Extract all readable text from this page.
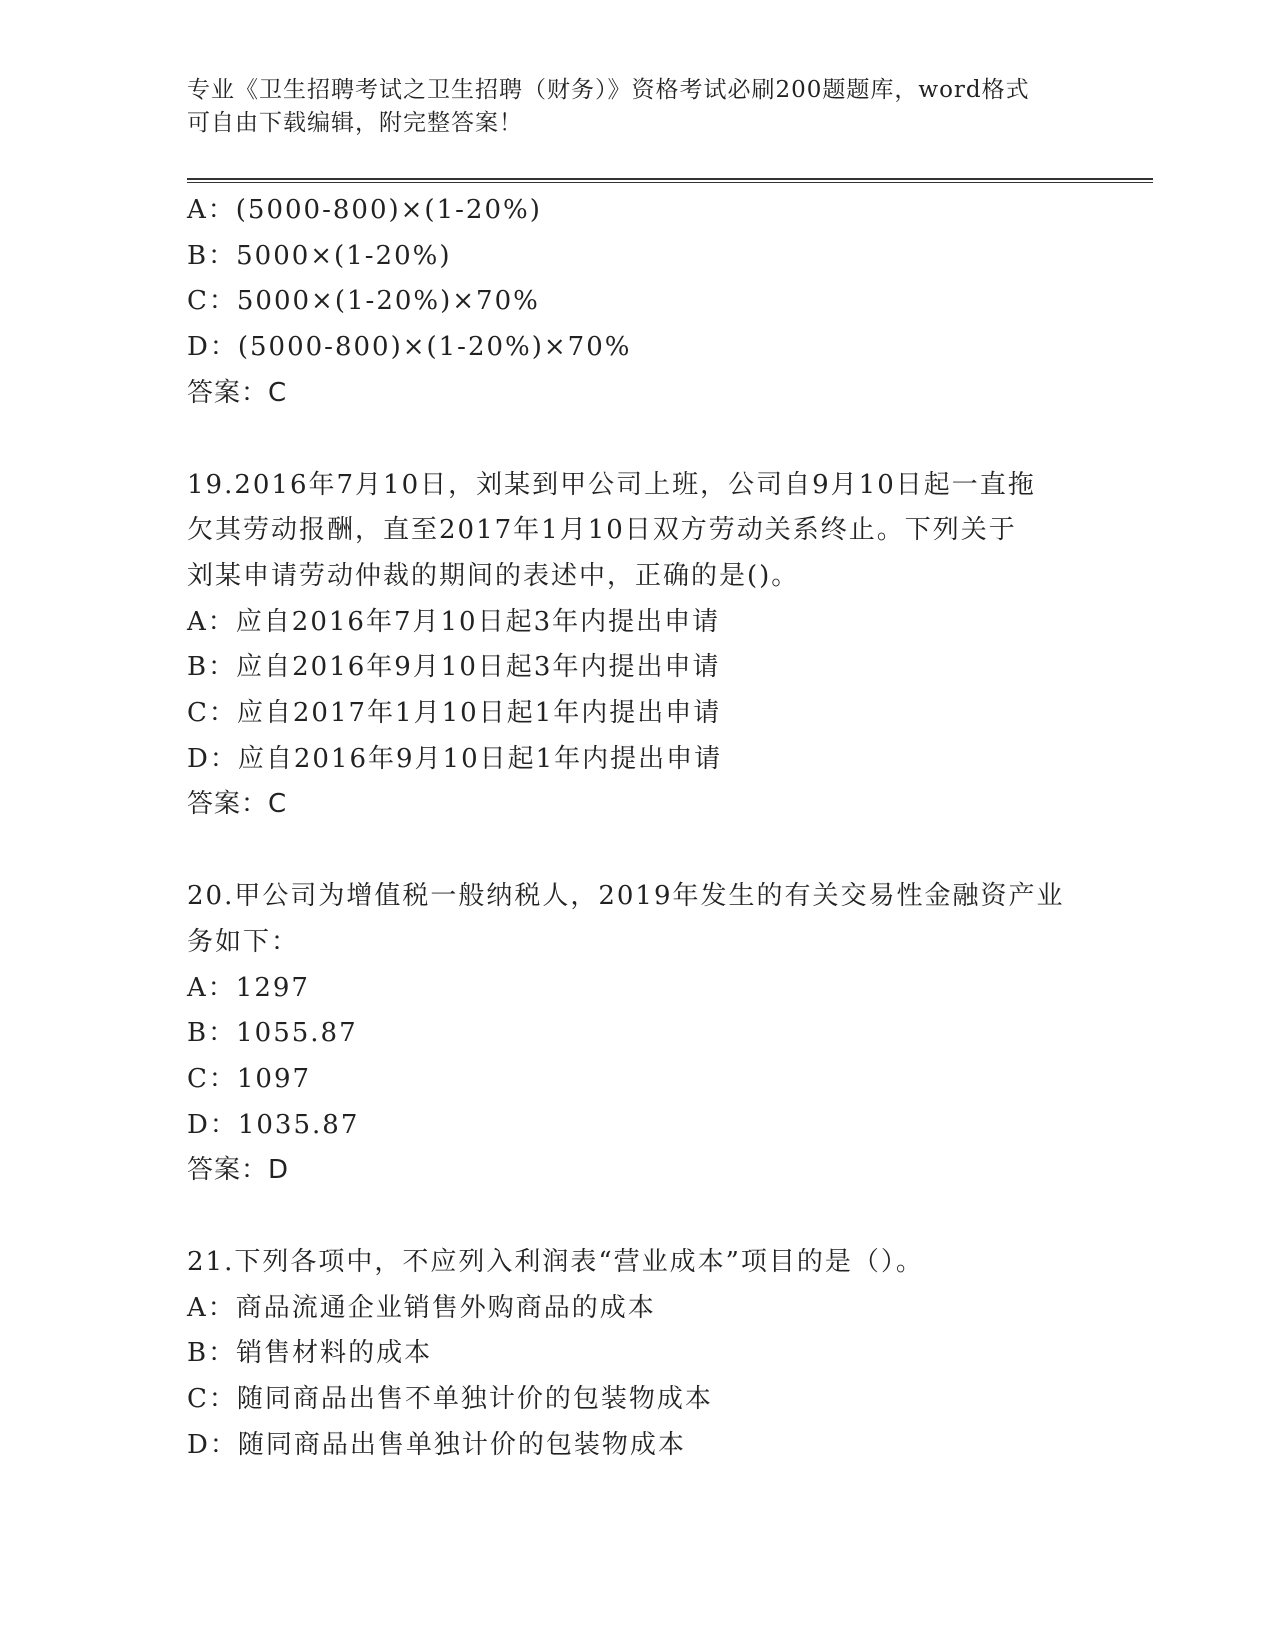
专业《卫生招聘考试之卫生招聘（财务）》资格考试必刷200题题库，word格式
可自由下载编辑，附完整答案！
A：(5000-800)×(1-20%)
B：5000×(1-20%)
C：5000×(1-20%)×70%
D：(5000-800)×(1-20%)×70%
答案：C
19.2016年7月10日，刘某到甲公司上班，公司自9月10日起一直拖
欠其劳动报酬，直至2017年1月10日双方劳动关系终止。下列关于
刘某申请劳动仲裁的期间的表述中，正确的是()。
A：应自2016年7月10日起3年内提出申请
B：应自2016年9月10日起3年内提出申请
C：应自2017年1月10日起1年内提出申请
D：应自2016年9月10日起1年内提出申请
答案：C
20.甲公司为增值税一般纳税人，2019年发生的有关交易性金融资产业
务如下：
A：1297
B：1055.87
C：1097
D：1035.87
答案：D
21.下列各项中，不应列入利润表“营业成本”项目的是（）。
A：商品流通企业销售外购商品的成本
B：销售材料的成本
C：随同商品出售不单独计价的包装物成本
D：随同商品出售单独计价的包装物成本
